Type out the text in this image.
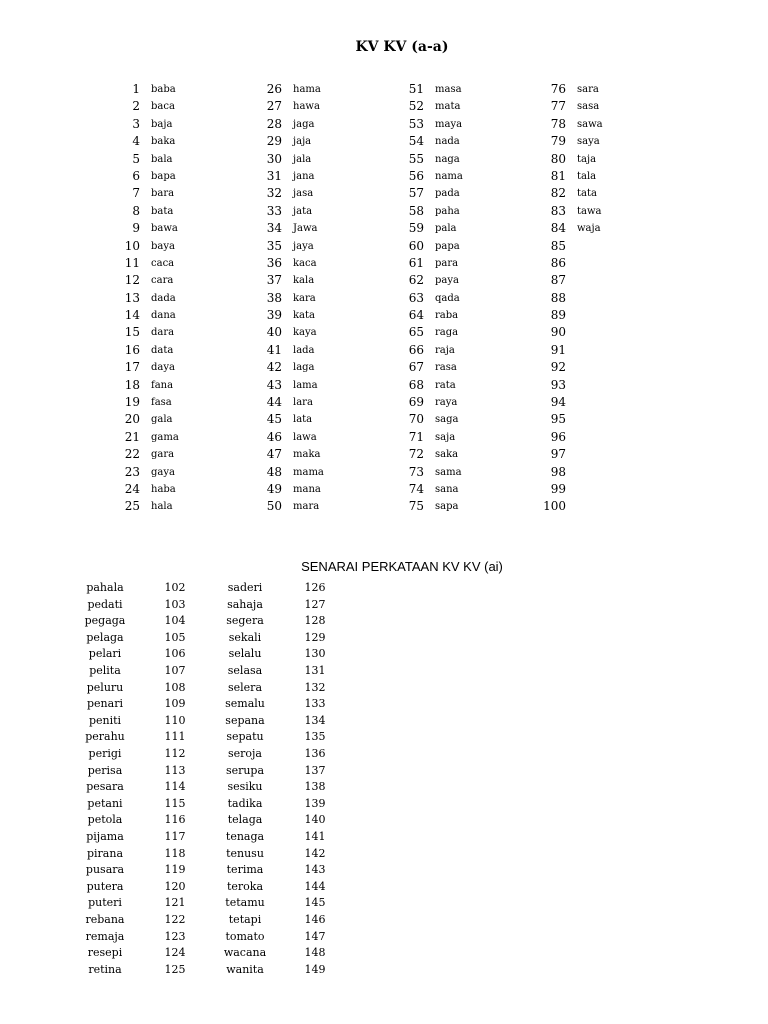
KV KV (a-a)
1 baba
2 baca
3 baja
4 baka
5 bala
6 bapa
7 bara
8 bata
9 bawa
10 baya
11 caca
12 cara
13 dada
14 dana
15 dara
16 data
17 daya
18 fana
19 fasa
20 gala
21 gama
22 gara
23 gaya
24 haba
25 hala
26 hama
27 hawa
28 jaga
29 jaja
30 jala
31 jana
32 jasa
33 jata
34 Jawa
35 jaya
36 kaca
37 kala
38 kara
39 kata
40 kaya
41 lada
42 laga
43 lama
44 lara
45 lata
46 lawa
47 maka
48 mama
49 mana
50 mara
51 masa
52 mata
53 maya
54 nada
55 naga
56 nama
57 pada
58 paha
59 pala
60 papa
61 para
62 paya
63 qada
64 raba
65 raga
66 raja
67 rasa
68 rata
69 raya
70 saga
71 saja
72 saka
73 sama
74 sana
75 sapa
76 sara
77 sasa
78 sawa
79 saya
80 taja
81 tala
82 tata
83 tawa
84 waja
85
86
87
88
89
90
91
92
93
94
95
96
97
98
99
100
SENARAI PERKATAAN KV KV (ai)
pahala	102	saderi	126
pedati	103	sahaja	127
pegaga	104	segera	128
pelaga	105	sekali	129
pelari	106	selalu	130
pelita	107	selasa	131
peluru	108	selera	132
penari	109	semalu	133
peniti	110	sepana	134
perahu	111	sepatu	135
perigi	112	seroja	136
perisa	113	serupa	137
pesara	114	sesiku	138
petani	115	tadika	139
petola	116	telaga	140
pijama	117	tenaga	141
pirana	118	tenusu	142
pusara	119	terima	143
putera	120	teroka	144
puteri	121	tetamu	145
rebana	122	tetapi	146
remaja	123	tomato	147
resepi	124	wacana	148
retina	125	wanita	149
